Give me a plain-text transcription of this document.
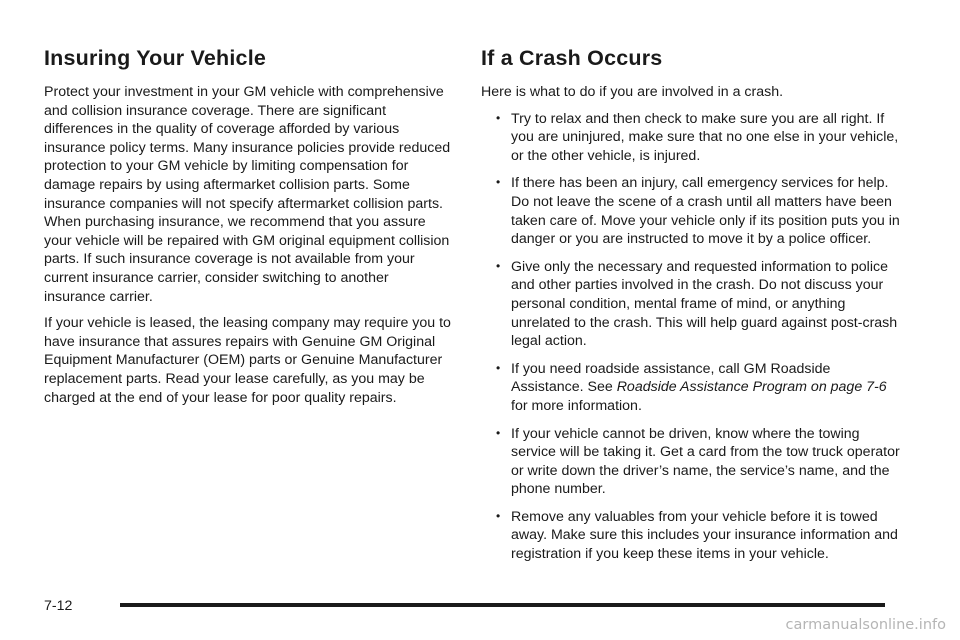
Insuring Your Vehicle

Protect your investment in your GM vehicle with comprehensive and collision insurance coverage. There are significant differences in the quality of coverage afforded by various insurance policy terms. Many insurance policies provide reduced protection to your GM vehicle by limiting compensation for damage repairs by using aftermarket collision parts. Some insurance companies will not specify aftermarket collision parts. When purchasing insurance, we recommend that you assure your vehicle will be repaired with GM original equipment collision parts. If such insurance coverage is not available from your current insurance carrier, consider switching to another insurance carrier.

If your vehicle is leased, the leasing company may require you to have insurance that assures repairs with Genuine GM Original Equipment Manufacturer (OEM) parts or Genuine Manufacturer replacement parts. Read your lease carefully, as you may be charged at the end of your lease for poor quality repairs.

If a Crash Occurs

Here is what to do if you are involved in a crash.

• Try to relax and then check to make sure you are all right. If you are uninjured, make sure that no one else in your vehicle, or the other vehicle, is injured.
• If there has been an injury, call emergency services for help. Do not leave the scene of a crash until all matters have been taken care of. Move your vehicle only if its position puts you in danger or you are instructed to move it by a police officer.
• Give only the necessary and requested information to police and other parties involved in the crash. Do not discuss your personal condition, mental frame of mind, or anything unrelated to the crash. This will help guard against post-crash legal action.
• If you need roadside assistance, call GM Roadside Assistance. See Roadside Assistance Program on page 7-6 for more information.
• If your vehicle cannot be driven, know where the towing service will be taking it. Get a card from the tow truck operator or write down the driver’s name, the service’s name, and the phone number.
• Remove any valuables from your vehicle before it is towed away. Make sure this includes your insurance information and registration if you keep these items in your vehicle.
7-12
carmanualsonline.info
